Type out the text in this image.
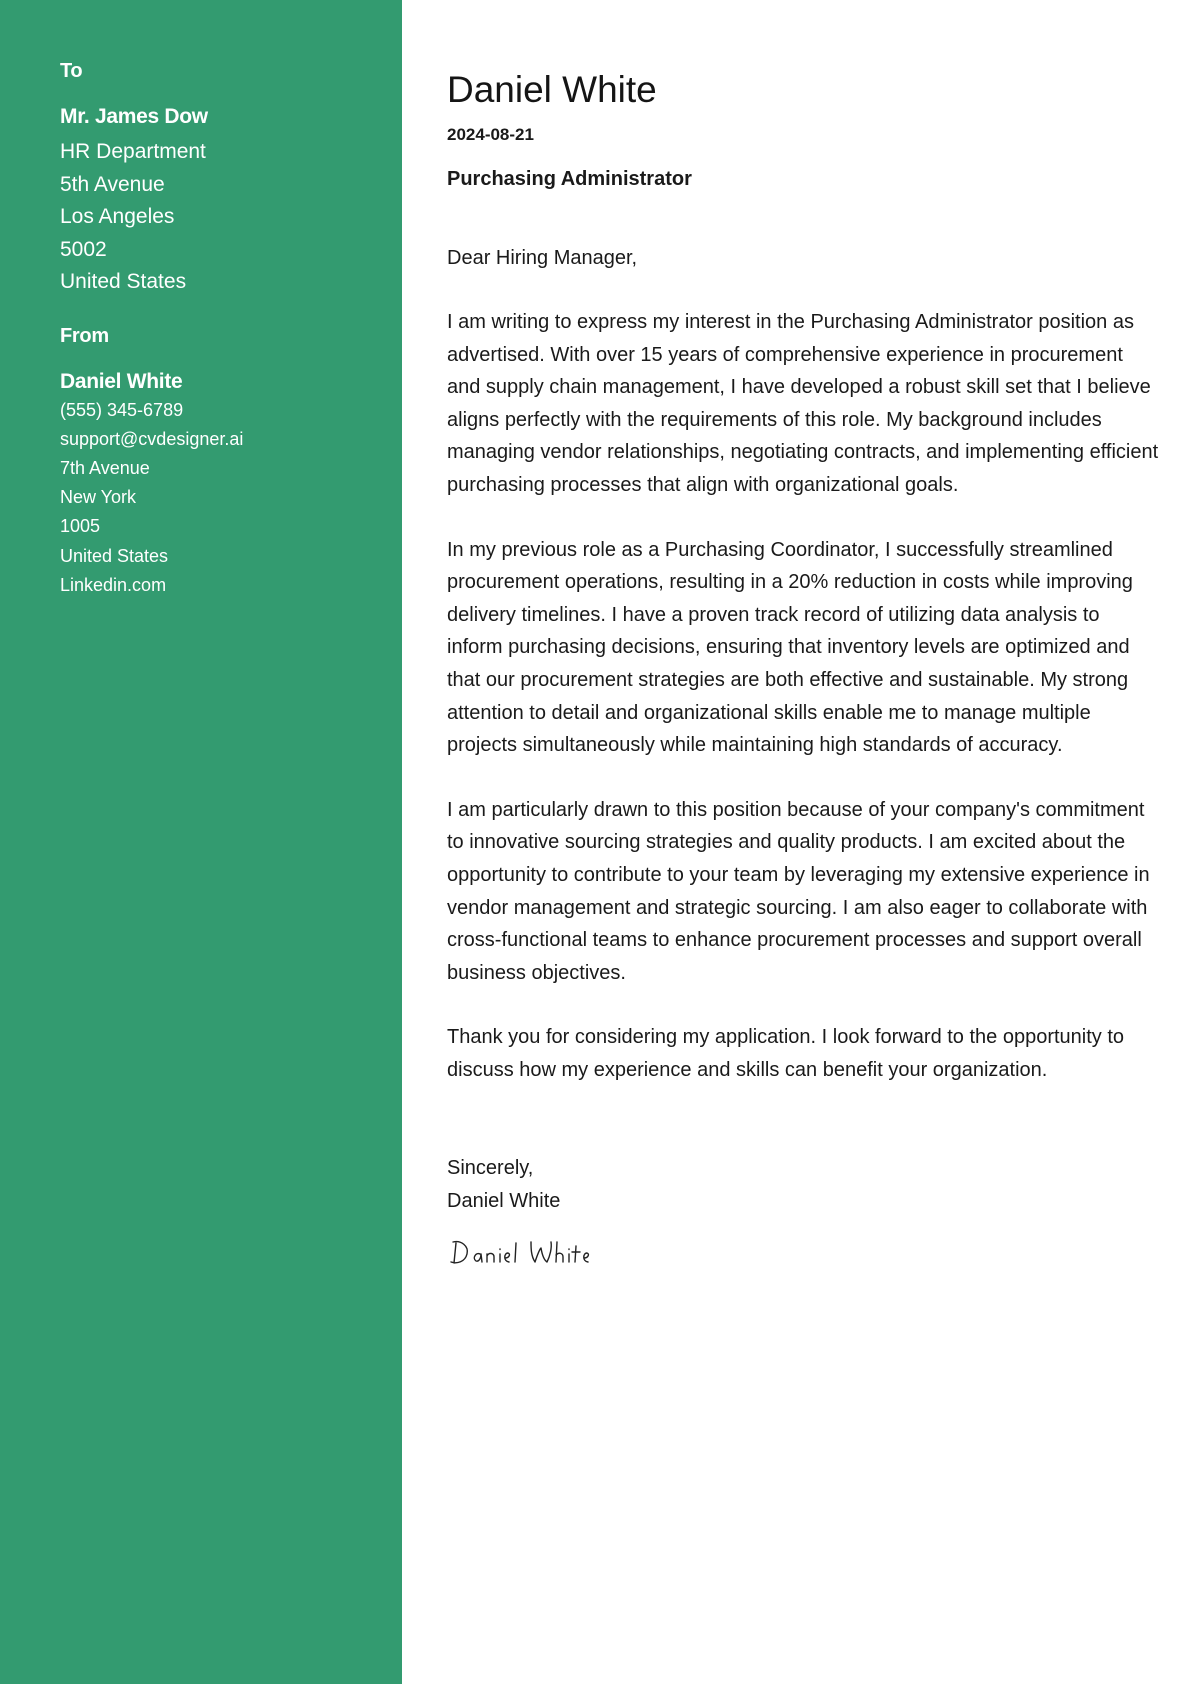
To
Mr. James Dow
HR Department
5th Avenue
Los Angeles
5002
United States
From
Daniel White
(555) 345-6789
support@cvdesigner.ai
7th Avenue
New York
1005
United States
Linkedin.com
Daniel White
2024-08-21
Purchasing Administrator
Dear Hiring Manager,

I am writing to express my interest in the Purchasing Administrator position as advertised. With over 15 years of comprehensive experience in procurement and supply chain management, I have developed a robust skill set that I believe aligns perfectly with the requirements of this role. My background includes managing vendor relationships, negotiating contracts, and implementing efficient purchasing processes that align with organizational goals.

In my previous role as a Purchasing Coordinator, I successfully streamlined procurement operations, resulting in a 20% reduction in costs while improving delivery timelines. I have a proven track record of utilizing data analysis to inform purchasing decisions, ensuring that inventory levels are optimized and that our procurement strategies are both effective and sustainable. My strong attention to detail and organizational skills enable me to manage multiple projects simultaneously while maintaining high standards of accuracy.

I am particularly drawn to this position because of your company's commitment to innovative sourcing strategies and quality products. I am excited about the opportunity to contribute to your team by leveraging my extensive experience in vendor management and strategic sourcing. I am also eager to collaborate with cross-functional teams to enhance procurement processes and support overall business objectives.

Thank you for considering my application. I look forward to the opportunity to discuss how my experience and skills can benefit your organization.

Sincerely,
Daniel White
